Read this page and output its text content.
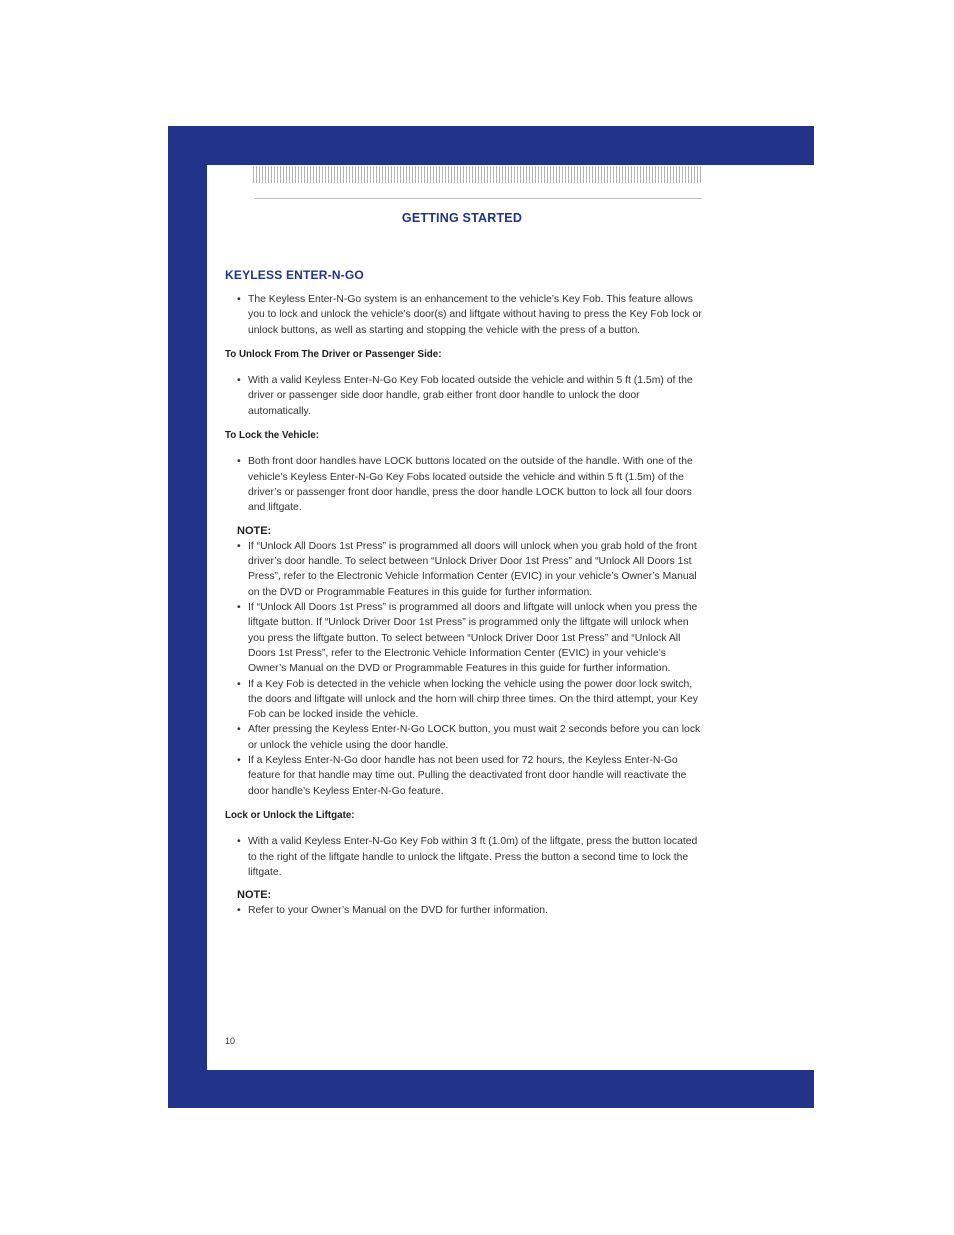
GETTING STARTED
KEYLESS ENTER-N-GO
• The Keyless Enter-N-Go system is an enhancement to the vehicle’s Key Fob. This feature allows you to lock and unlock the vehicle’s door(s) and liftgate without having to press the Key Fob lock or unlock buttons, as well as starting and stopping the vehicle with the press of a button.
To Unlock From The Driver or Passenger Side:
• With a valid Keyless Enter-N-Go Key Fob located outside the vehicle and within 5 ft (1.5m) of the driver or passenger side door handle, grab either front door handle to unlock the door automatically.
To Lock the Vehicle:
• Both front door handles have LOCK buttons located on the outside of the handle. With one of the vehicle’s Keyless Enter-N-Go Key Fobs located outside the vehicle and within 5 ft (1.5m) of the driver’s or passenger front door handle, press the door handle LOCK button to lock all four doors and liftgate.
NOTE:
• If “Unlock All Doors 1st Press” is programmed all doors will unlock when you grab hold of the front driver’s door handle. To select between “Unlock Driver Door 1st Press” and “Unlock All Doors 1st Press”, refer to the Electronic Vehicle Information Center (EVIC) in your vehicle’s Owner’s Manual on the DVD or Programmable Features in this guide for further information.
• If “Unlock All Doors 1st Press” is programmed all doors and liftgate will unlock when you press the liftgate button. If “Unlock Driver Door 1st Press” is programmed only the liftgate will unlock when you press the liftgate button. To select between “Unlock Driver Door 1st Press” and “Unlock All Doors 1st Press”, refer to the Electronic Vehicle Information Center (EVIC) in your vehicle’s Owner’s Manual on the DVD or Programmable Features in this guide for further information.
• If a Key Fob is detected in the vehicle when locking the vehicle using the power door lock switch, the doors and liftgate will unlock and the horn will chirp three times. On the third attempt, your Key Fob can be locked inside the vehicle.
• After pressing the Keyless Enter-N-Go LOCK button, you must wait 2 seconds before you can lock or unlock the vehicle using the door handle.
• If a Keyless Enter-N-Go door handle has not been used for 72 hours, the Keyless Enter-N-Go feature for that handle may time out. Pulling the deactivated front door handle will reactivate the door handle’s Keyless Enter-N-Go feature.
Lock or Unlock the Liftgate:
• With a valid Keyless Enter-N-Go Key Fob within 3 ft (1.0m) of the liftgate, press the button located to the right of the liftgate handle to unlock the liftgate. Press the button a second time to lock the liftgate.
NOTE:
• Refer to your Owner’s Manual on the DVD for further information.
10
